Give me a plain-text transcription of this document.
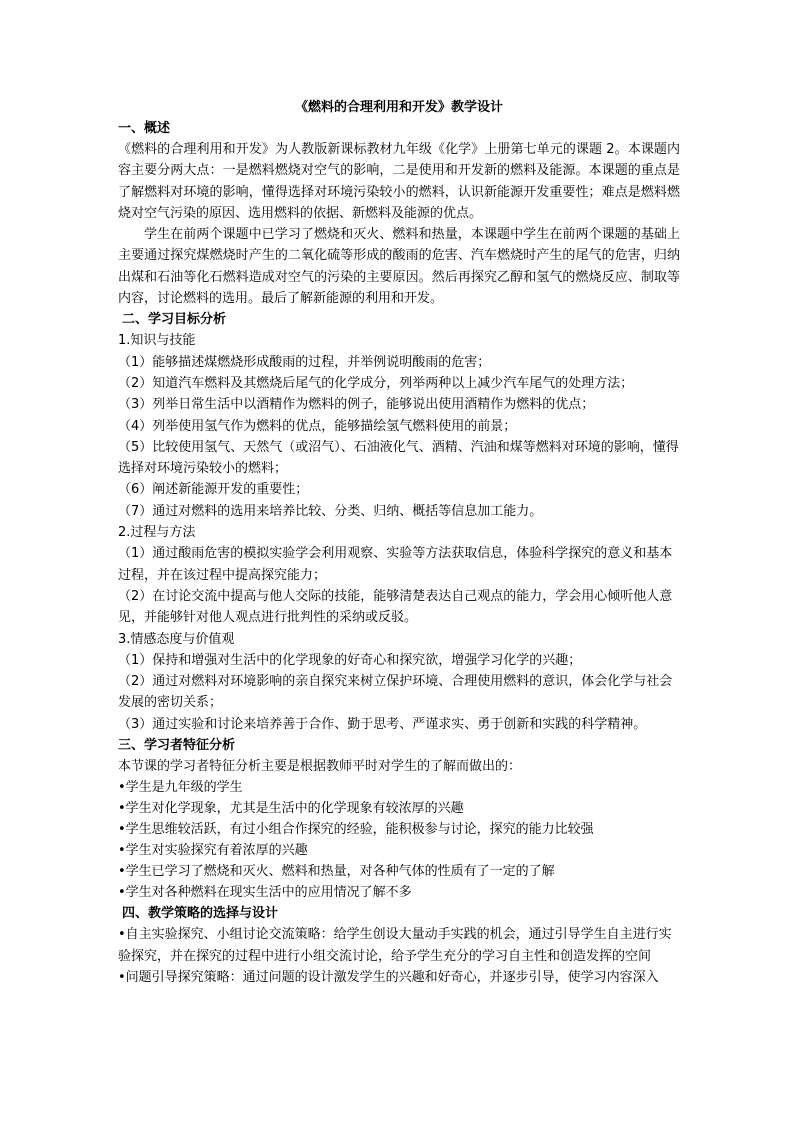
《燃料的合理利用和开发》教学设计
一、概述
《燃料的合理利用和开发》为人教版新课标教材九年级《化学》上册第七单元的课题 2。本课题内容主要分两大点：一是燃料燃烧对空气的影响，二是使用和开发新的燃料及能源。本课题的重点是了解燃料对环境的影响，懂得选择对环境污染较小的燃料，认识新能源开发重要性；难点是燃料燃烧对空气污染的原因、选用燃料的依据、新燃料及能源的优点。
学生在前两个课题中已学习了燃烧和灭火、燃料和热量，本课题中学生在前两个课题的基础上主要通过探究煤燃烧时产生的二氧化硫等形成的酸雨的危害、汽车燃烧时产生的尾气的危害，归纳出煤和石油等化石燃料造成对空气的污染的主要原因。然后再探究乙醇和氢气的燃烧反应、制取等内容，讨论燃料的选用。最后了解新能源的利用和开发。
二、学习目标分析
1.知识与技能
（1）能够描述煤燃烧形成酸雨的过程，并举例说明酸雨的危害；
（2）知道汽车燃料及其燃烧后尾气的化学成分，列举两种以上减少汽车尾气的处理方法；
（3）列举日常生活中以酒精作为燃料的例子，能够说出使用酒精作为燃料的优点；
（4）列举使用氢气作为燃料的优点，能够描绘氢气燃料使用的前景；
（5）比较使用氢气、天然气（或沼气）、石油液化气、酒精、汽油和煤等燃料对环境的影响，懂得选择对环境污染较小的燃料；
（6）阐述新能源开发的重要性；
（7）通过对燃料的选用来培养比较、分类、归纳、概括等信息加工能力。
2.过程与方法
（1）通过酸雨危害的模拟实验学会利用观察、实验等方法获取信息，体验科学探究的意义和基本过程，并在该过程中提高探究能力；
（2）在讨论交流中提高与他人交际的技能，能够清楚表达自己观点的能力，学会用心倾听他人意见，并能够针对他人观点进行批判性的采纳或反驳。
3.情感态度与价值观
（1）保持和增强对生活中的化学现象的好奇心和探究欲，增强学习化学的兴趣；
（2）通过对燃料对环境影响的亲自探究来树立保护环境、合理使用燃料的意识，体会化学与社会发展的密切关系；
（3）通过实验和讨论来培养善于合作、勤于思考、严谨求实、勇于创新和实践的科学精神。
三、学习者特征分析
本节课的学习者特征分析主要是根据教师平时对学生的了解而做出的：
•学生是九年级的学生
•学生对化学现象，尤其是生活中的化学现象有较浓厚的兴趣
•学生思维较活跃，有过小组合作探究的经验，能积极参与讨论，探究的能力比较强
•学生对实验探究有着浓厚的兴趣
•学生已学习了燃烧和灭火、燃料和热量，对各种气体的性质有了一定的了解
•学生对各种燃料在现实生活中的应用情况了解不多
四、教学策略的选择与设计
•自主实验探究、小组讨论交流策略：给学生创设大量动手实践的机会，通过引导学生自主进行实验探究，并在探究的过程中进行小组交流讨论，给予学生充分的学习自主性和创造发挥的空间
•问题引导探究策略：通过问题的设计激发学生的兴趣和好奇心，并逐步引导，使学习内容深入
